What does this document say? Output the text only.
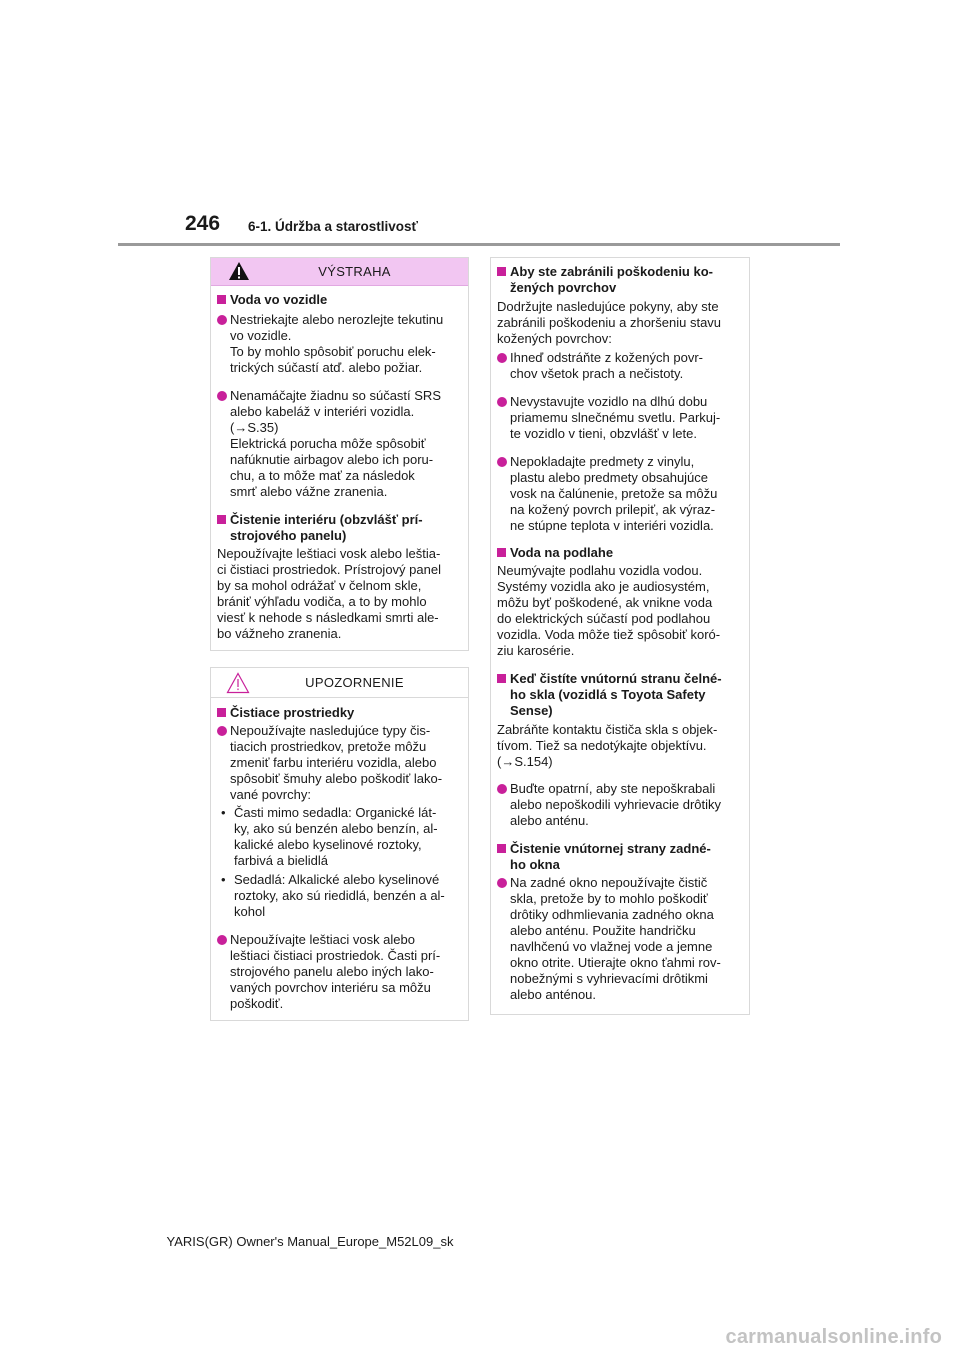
246 6-1. Údržba a starostlivosť
VÝSTRAHA

Voda vo vozidle

Nestriekajte alebo nerozlejte tekutinu
vo vozidle.
To by mohlo spôsobiť poruchu elek-
trických súčastí atď. alebo požiar.

Nenamáčajte žiadnu so súčastí SRS
alebo kabeláž v interiéri vozidla.
(→S.35)
Elektrická porucha môže spôsobiť
nafúknutie airbagov alebo ich poru-
chu, a to môže mať za následok
smrť alebo vážne zranenia.

Čistenie interiéru (obzvlášť prí-
strojového panelu)

Nepoužívajte leštiaci vosk alebo leštia-
ci čistiaci prostriedok. Prístrojový panel
by sa mohol odrážať v čelnom skle,
brániť výhľadu vodiča, a to by mohlo
viesť k nehode s následkami smrti ale-
bo vážneho zranenia.

UPOZORNENIE

Čistiace prostriedky

Nepoužívajte nasledujúce typy čis-
tiacich prostriedkov, pretože môžu
zmeniť farbu interiéru vozidla, alebo
spôsobiť šmuhy alebo poškodiť lako-
vané povrchy:

• Časti mimo sedadla: Organické lát-
ky, ako sú benzén alebo benzín, al-
kalické alebo kyselinové roztoky,
farbivá a bielidlá

• Sedadlá: Alkalické alebo kyselinové
roztoky, ako sú riedidlá, benzén a al-
kohol

Nepoužívajte leštiaci vosk alebo
leštiaci čistiaci prostriedok. Časti prí-
strojového panelu alebo iných lako-
vaných povrchov interiéru sa môžu
poškodiť.

Aby ste zabránili poškodeniu ko-
žených povrchov

Dodržujte nasledujúce pokyny, aby ste
zabránili poškodeniu a zhoršeniu stavu
kožených povrchov:

Ihneď odstráňte z kožených povr-
chov všetok prach a nečistoty.

Nevystavujte vozidlo na dlhú dobu
priamemu slnečnému svetlu. Parkuj-
te vozidlo v tieni, obzvlášť v lete.

Nepokladajte predmety z vinylu,
plastu alebo predmety obsahujúce
vosk na čalúnenie, pretože sa môžu
na kožený povrch prilepiť, ak výraz-
ne stúpne teplota v interiéri vozidla.

Voda na podlahe

Neumývajte podlahu vozidla vodou.
Systémy vozidla ako je audiosystém,
môžu byť poškodené, ak vnikne voda
do elektrických súčastí pod podlahou
vozidla. Voda môže tiež spôsobiť koró-
ziu karosérie.

Keď čistíte vnútornú stranu čelné-
ho skla (vozidlá s Toyota Safety
Sense)

Zabráňte kontaktu čističa skla s objek-
tívom. Tiež sa nedotýkajte objektívu.
(→S.154)

Buďte opatrní, aby ste nepoškrabali
alebo nepoškodili vyhrievacie drôtiky
alebo anténu.

Čistenie vnútornej strany zadné-
ho okna

Na zadné okno nepoužívajte čistič
skla, pretože by to mohlo poškodiť
drôtiky odhmlievania zadného okna
alebo anténu. Použite handričku
navlhčenú vo vlažnej vode a jemne
okno otrite. Utierajte okno ťahmi rov-
nobežnými s vyhrievacími drôtikmi
alebo anténou.

YARIS(GR) Owner's Manual_Europe_M52L09_sk
carmanualsonline.info
